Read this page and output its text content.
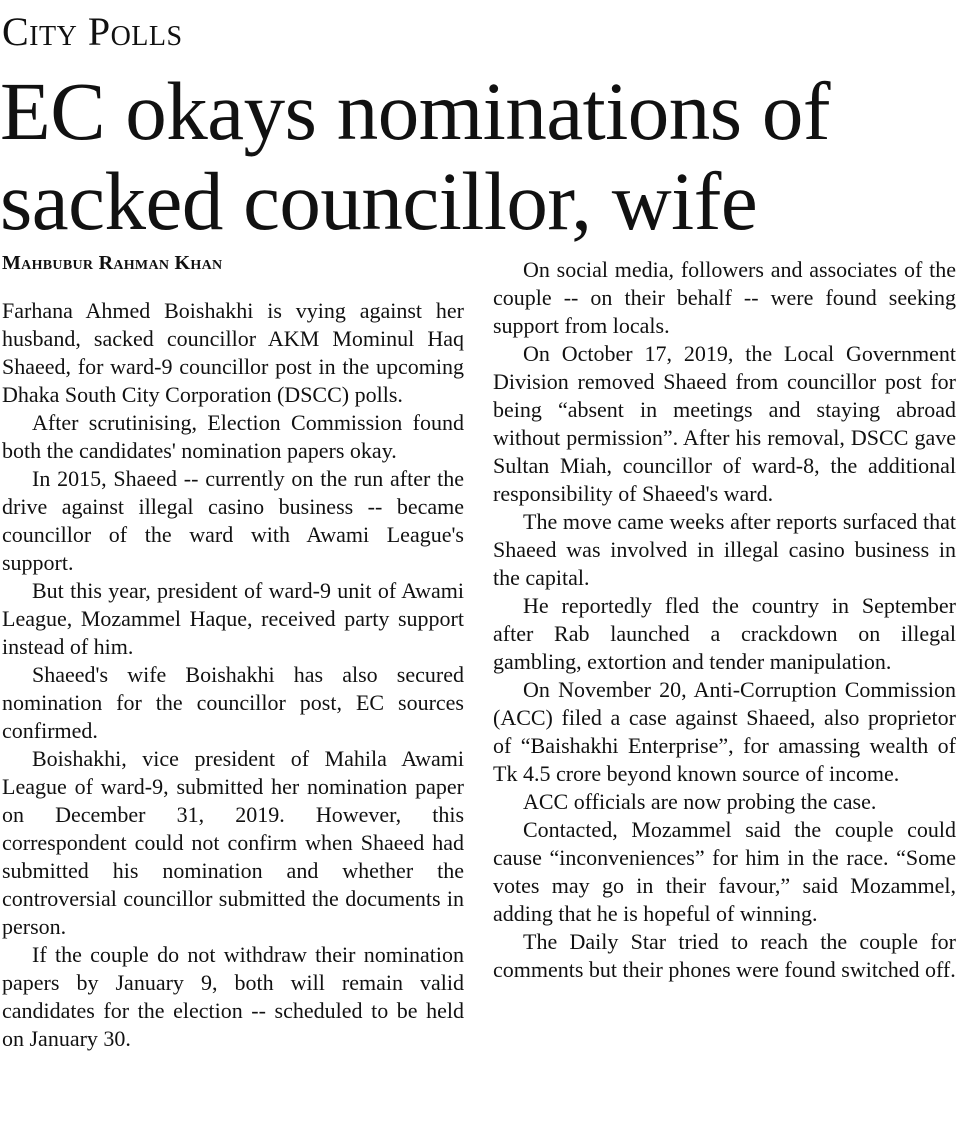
City Polls
EC okays nominations of sacked councillor, wife
Mahbubur Rahman Khan

Farhana Ahmed Boishakhi is vying against her husband, sacked councillor AKM Mominul Haq Shaeed, for ward-9 councillor post in the upcoming Dhaka South City Corporation (DSCC) polls.

After scrutinising, Election Commission found both the candidates' nomination papers okay.

In 2015, Shaeed -- currently on the run after the drive against illegal casino business -- became councillor of the ward with Awami League's support.

But this year, president of ward-9 unit of Awami League, Mozammel Haque, received party support instead of him.

Shaeed's wife Boishakhi has also secured nomination for the councillor post, EC sources confirmed.

Boishakhi, vice president of Mahila Awami League of ward-9, submitted her nomination paper on December 31, 2019. However, this correspondent could not confirm when Shaeed had submitted his nomination and whether the controversial councillor submitted the documents in person.

If the couple do not withdraw their nomination papers by January 9, both will remain valid candidates for the election -- scheduled to be held on January 30.

On social media, followers and associates of the couple -- on their behalf -- were found seeking support from locals.

On October 17, 2019, the Local Government Division removed Shaeed from councillor post for being “absent in meetings and staying abroad without permission”. After his removal, DSCC gave Sultan Miah, councillor of ward-8, the additional responsibility of Shaeed's ward.

The move came weeks after reports surfaced that Shaeed was involved in illegal casino business in the capital.

He reportedly fled the country in September after Rab launched a crackdown on illegal gambling, extortion and tender manipulation.

On November 20, Anti-Corruption Commission (ACC) filed a case against Shaeed, also proprietor of “Baishakhi Enterprise”, for amassing wealth of Tk 4.5 crore beyond known source of income.

ACC officials are now probing the case.

Contacted, Mozammel said the couple could cause “inconveniences” for him in the race. “Some votes may go in their favour,” said Mozammel, adding that he is hopeful of winning.

The Daily Star tried to reach the couple for comments but their phones were found switched off.
